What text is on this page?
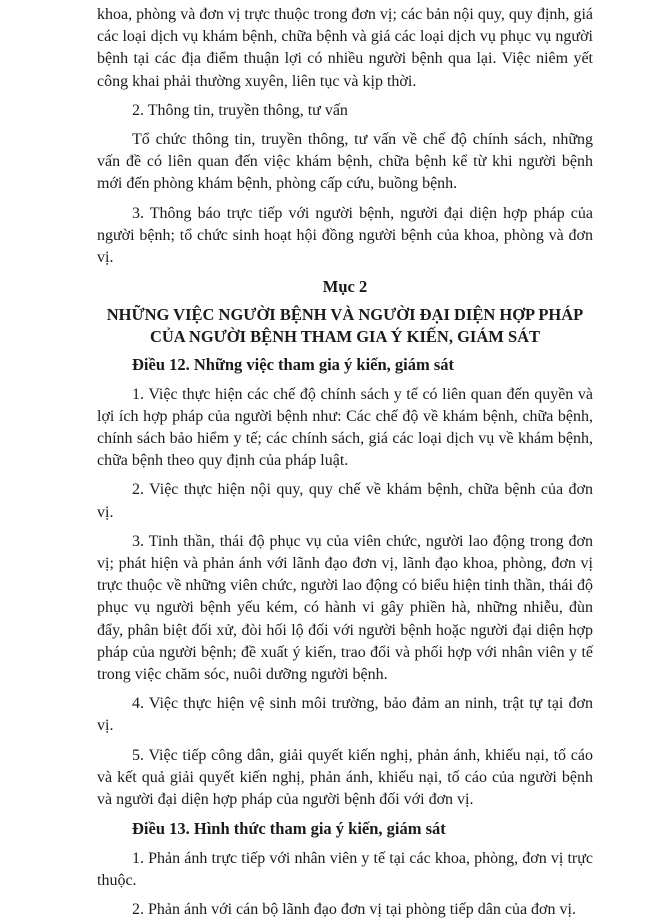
khoa, phòng và đơn vị trực thuộc trong đơn vị; các bản nội quy, quy định, giá các loại dịch vụ khám bệnh, chữa bệnh và giá các loại dịch vụ phục vụ người bệnh tại các địa điểm thuận lợi có nhiều người bệnh qua lại. Việc niêm yết công khai phải thường xuyên, liên tục và kịp thời.

2. Thông tin, truyền thông, tư vấn

Tổ chức thông tin, truyền thông, tư vấn về chế độ chính sách, những vấn đề có liên quan đến việc khám bệnh, chữa bệnh kể từ khi người bệnh mới đến phòng khám bệnh, phòng cấp cứu, buồng bệnh.

3. Thông báo trực tiếp với người bệnh, người đại diện hợp pháp của người bệnh; tổ chức sinh hoạt hội đồng người bệnh của khoa, phòng và đơn vị.

Mục 2

NHỮNG VIỆC NGƯỜI BỆNH VÀ NGƯỜI ĐẠI DIỆN HỢP PHÁP CỦA NGƯỜI BỆNH THAM GIA Ý KIẾN, GIÁM SÁT

Điều 12. Những việc tham gia ý kiến, giám sát

1. Việc thực hiện các chế độ chính sách y tế có liên quan đến quyền và lợi ích hợp pháp của người bệnh như: Các chế độ về khám bệnh, chữa bệnh, chính sách bảo hiểm y tế; các chính sách, giá các loại dịch vụ về khám bệnh, chữa bệnh theo quy định của pháp luật.

2. Việc thực hiện nội quy, quy chế về khám bệnh, chữa bệnh của đơn vị.

3. Tinh thần, thái độ phục vụ của viên chức, người lao động trong đơn vị; phát hiện và phản ánh với lãnh đạo đơn vị, lãnh đạo khoa, phòng, đơn vị trực thuộc về những viên chức, người lao động có biểu hiện tinh thần, thái độ phục vụ người bệnh yếu kém, có hành vi gây phiền hà, những nhiễu, đùn đẩy, phân biệt đối xử, đòi hối lộ đối với người bệnh hoặc người đại diện hợp pháp của người bệnh; đề xuất ý kiến, trao đổi và phối hợp với nhân viên y tế trong việc chăm sóc, nuôi dưỡng người bệnh.

4. Việc thực hiện vệ sinh môi trường, bảo đảm an ninh, trật tự tại đơn vị.

5. Việc tiếp công dân, giải quyết kiến nghị, phản ánh, khiếu nại, tố cáo và kết quả giải quyết kiến nghị, phản ánh, khiếu nại, tố cáo của người bệnh và người đại diện hợp pháp của người bệnh đối với đơn vị.

Điều 13. Hình thức tham gia ý kiến, giám sát

1. Phản ánh trực tiếp với nhân viên y tế tại các khoa, phòng, đơn vị trực thuộc.

2. Phản ánh với cán bộ lãnh đạo đơn vị tại phòng tiếp dân của đơn vị.
